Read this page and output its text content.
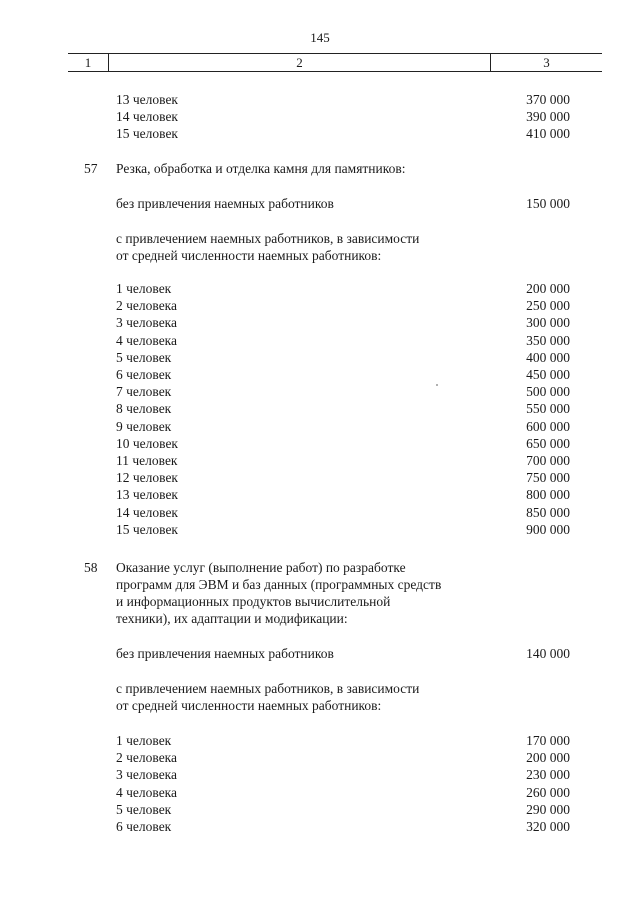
145
1	2	3
13 человек	370 000
14 человек	390 000
15 человек	410 000
57 Резка, обработка и отделка камня для памятников:
без привлечения наемных работников	150 000
с привлечением наемных работников, в зависимости
от средней численности наемных работников:
1 человек	200 000
2 человека	250 000
3 человека	300 000
4 человека	350 000
5 человек	400 000
6 человек	450 000
7 человек	500 000
8 человек	550 000
9 человек	600 000
10 человек	650 000
11 человек	700 000
12 человек	750 000
13 человек	800 000
14 человек	850 000
15 человек	900 000
58 Оказание услуг (выполнение работ) по разработке
программ для ЭВМ и баз данных (программных средств
и информационных продуктов вычислительной
техники), их адаптации и модификации:
без привлечения наемных работников	140 000
с привлечением наемных работников, в зависимости
от средней численности наемных работников:
1 человек	170 000
2 человека	200 000
3 человека	230 000
4 человека	260 000
5 человек	290 000
6 человек	320 000
